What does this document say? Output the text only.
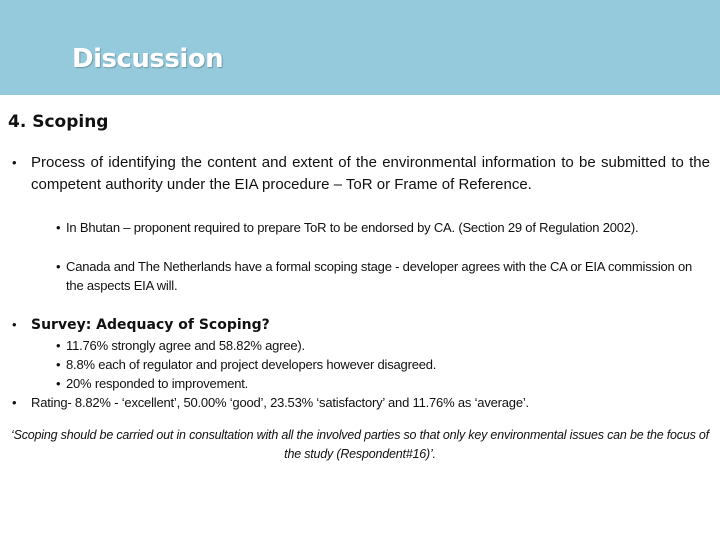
Discussion
4. Scoping
• Process of identifying the content and extent of the environmental information to be submitted to the competent authority under the EIA procedure – ToR or Frame of Reference.
• In Bhutan – proponent required to prepare ToR to be endorsed by CA. (Section 29 of Regulation 2002).
• Canada and The Netherlands have a formal scoping stage - developer agrees with the CA or EIA commission on the aspects EIA will.
• Survey: Adequacy of Scoping?
• 11.76% strongly agree and 58.82% agree).
• 8.8% each of regulator and project developers however disagreed.
• 20% responded to improvement.
• Rating- 8.82% - ‘excellent’, 50.00% ‘good’, 23.53% ‘satisfactory’ and 11.76% as ‘average’.
‘Scoping should be carried out in consultation with all the involved parties so that only key environmental issues can be the focus of the study (Respondent#16)’.
